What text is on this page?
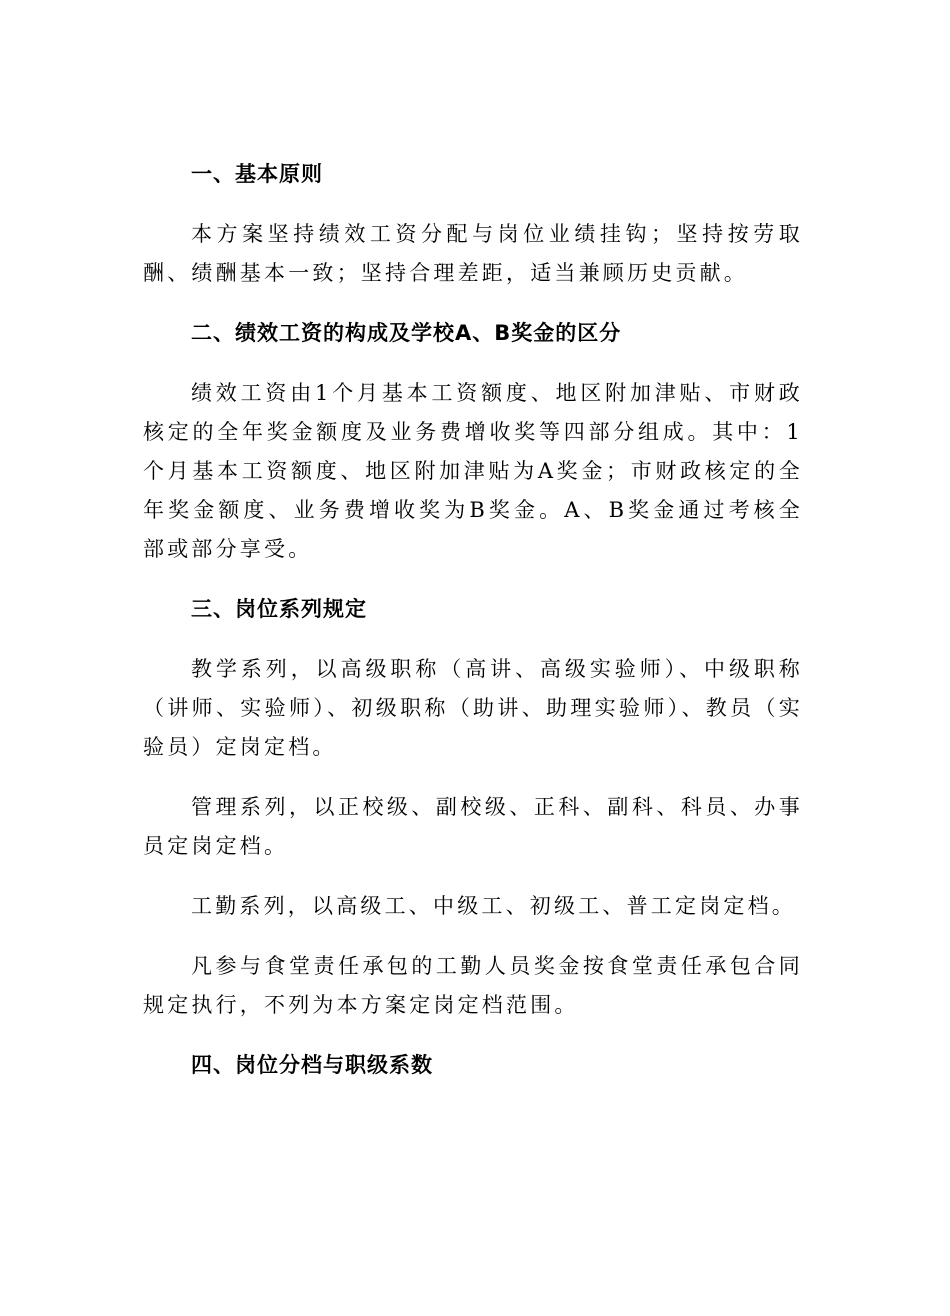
一、基本原则

本方案坚持绩效工资分配与岗位业绩挂钩；坚持按劳取酬、绩酬基本一致；坚持合理差距，适当兼顾历史贡献。

二、绩效工资的构成及学校A、B奖金的区分

绩效工资由1个月基本工资额度、地区附加津贴、市财政核定的全年奖金额度及业务费增收奖等四部分组成。其中：1个月基本工资额度、地区附加津贴为A奖金；市财政核定的全年奖金额度、业务费增收奖为B奖金。A、B奖金通过考核全部或部分享受。

三、岗位系列规定

教学系列，以高级职称（高讲、高级实验师）、中级职称（讲师、实验师）、初级职称（助讲、助理实验师）、教员（实验员）定岗定档。

管理系列，以正校级、副校级、正科、副科、科员、办事员定岗定档。

工勤系列，以高级工、中级工、初级工、普工定岗定档。

凡参与食堂责任承包的工勤人员奖金按食堂责任承包合同规定执行，不列为本方案定岗定档范围。

四、岗位分档与职级系数
